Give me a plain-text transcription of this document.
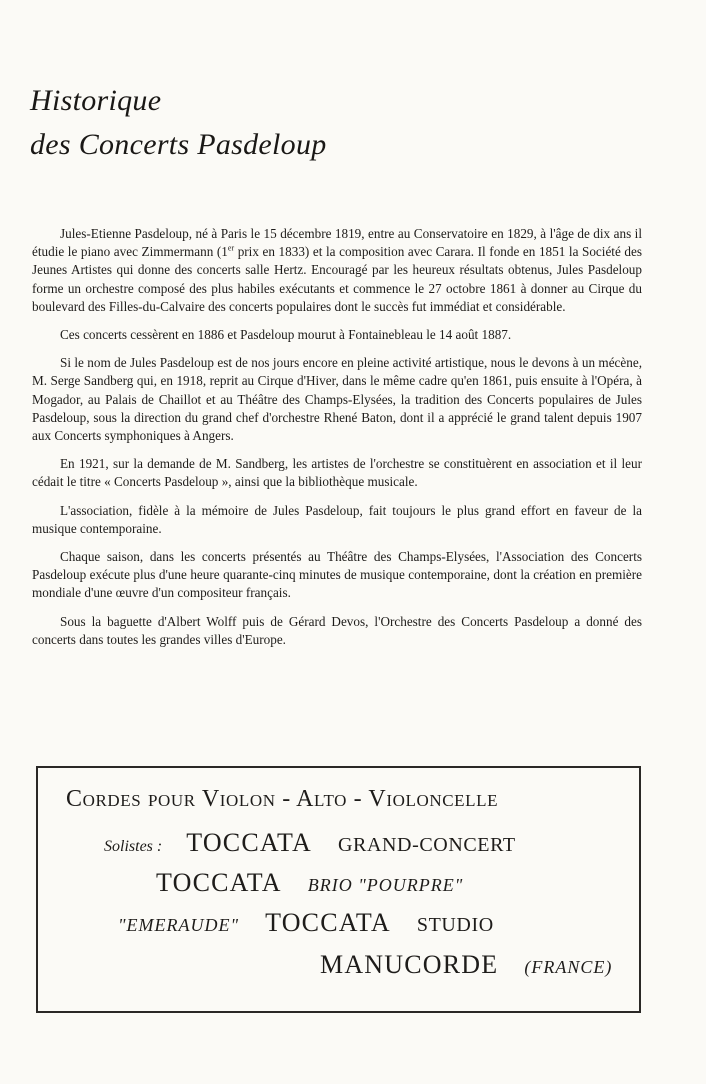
Historique
des Concerts Pasdeloup

Jules-Etienne Pasdeloup, né à Paris le 15 décembre 1819, entre au Conservatoire en 1829, à l'âge de dix ans il étudie le piano avec Zimmermann (1er prix en 1833) et la composition avec Carara. Il fonde en 1851 la Société des Jeunes Artistes qui donne des concerts salle Hertz. Encouragé par les heureux résultats obtenus, Jules Pasdeloup forme un orchestre composé des plus habiles exécutants et commence le 27 octobre 1861 à donner au Cirque du boulevard des Filles-du-Calvaire des concerts populaires dont le succès fut immédiat et considérable.

Ces concerts cessèrent en 1886 et Pasdeloup mourut à Fontainebleau le 14 août 1887.

Si le nom de Jules Pasdeloup est de nos jours encore en pleine activité artistique, nous le devons à un mécène, M. Serge Sandberg qui, en 1918, reprit au Cirque d'Hiver, dans le même cadre qu'en 1861, puis ensuite à l'Opéra, à Mogador, au Palais de Chaillot et au Théâtre des Champs-Elysées, la tradition des Concerts populaires de Jules Pasdeloup, sous la direction du grand chef d'orchestre Rhené Baton, dont il a apprécié le grand talent depuis 1907 aux Concerts symphoniques à Angers.

En 1921, sur la demande de M. Sandberg, les artistes de l'orchestre se constituèrent en association et il leur cédait le titre « Concerts Pasdeloup », ainsi que la bibliothèque musicale.

L'association, fidèle à la mémoire de Jules Pasdeloup, fait toujours le plus grand effort en faveur de la musique contemporaine.

Chaque saison, dans les concerts présentés au Théâtre des Champs-Elysées, l'Association des Concerts Pasdeloup exécute plus d'une heure quarante-cinq minutes de musique contemporaine, dont la création en première mondiale d'une œuvre d'un compositeur français.

Sous la baguette d'Albert Wolff puis de Gérard Devos, l'Orchestre des Concerts Pasdeloup a donné des concerts dans toutes les grandes villes d'Europe.

Cordes pour Violon - Alto - Violoncelle
Solistes : TOCCATA GRAND-CONCERT
TOCCATA BRIO "POURPRE"
"EMERAUDE" TOCCATA STUDIO
MANUCORDE (FRANCE)
